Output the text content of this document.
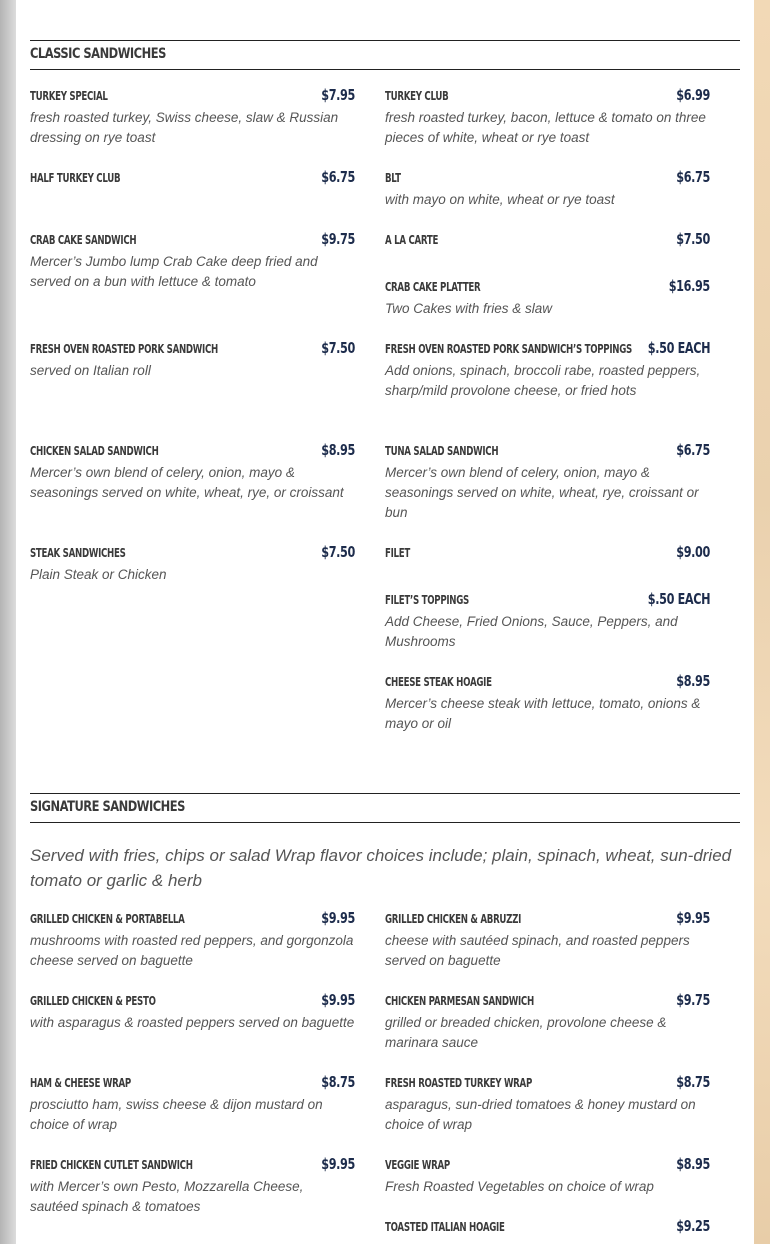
CLASSIC SANDWICHES
TURKEY SPECIAL	$7.95
fresh roasted turkey, Swiss cheese, slaw & Russian dressing on rye toast
HALF TURKEY CLUB	$6.75
CRAB CAKE SANDWICH	$9.75
Mercer’s Jumbo lump Crab Cake deep fried and served on a bun with lettuce & tomato
FRESH OVEN ROASTED PORK SANDWICH	$7.50
served on Italian roll
CHICKEN SALAD SANDWICH	$8.95
Mercer’s own blend of celery, onion, mayo & seasonings served on white, wheat, rye, or croissant
STEAK SANDWICHES	$7.50
Plain Steak or Chicken
TURKEY CLUB	$6.99
fresh roasted turkey, bacon, lettuce & tomato on three pieces of white, wheat or rye toast
BLT	$6.75
with mayo on white, wheat or rye toast
A LA CARTE	$7.50
CRAB CAKE PLATTER	$16.95
Two Cakes with fries & slaw
FRESH OVEN ROASTED PORK SANDWICH’S TOPPINGS $.50 EACH
Add onions, spinach, broccoli rabe, roasted peppers, sharp/mild provolone cheese, or fried hots
TUNA SALAD SANDWICH	$6.75
Mercer’s own blend of celery, onion, mayo & seasonings served on white, wheat, rye, croissant or bun
FILET	$9.00
FILET’S TOPPINGS	$.50 EACH
Add Cheese, Fried Onions, Sauce, Peppers, and Mushrooms
CHEESE STEAK HOAGIE	$8.95
Mercer’s cheese steak with lettuce, tomato, onions & mayo or oil
SIGNATURE SANDWICHES
Served with fries, chips or salad Wrap flavor choices include; plain, spinach, wheat, sun-dried tomato or garlic & herb
GRILLED CHICKEN & PORTABELLA	$9.95
mushrooms with roasted red peppers, and gorgonzola cheese served on baguette
GRILLED CHICKEN & PESTO	$9.95
with asparagus & roasted peppers served on baguette
HAM & CHEESE WRAP	$8.75
prosciutto ham, swiss cheese & dijon mustard on choice of wrap
FRIED CHICKEN CUTLET SANDWICH	$9.95
with Mercer’s own Pesto, Mozzarella Cheese, sautéed spinach & tomatoes
GRILLED CHICKEN & ABRUZZI	$9.95
cheese with sautéed spinach, and roasted peppers served on baguette
CHICKEN PARMESAN SANDWICH	$9.75
grilled or breaded chicken, provolone cheese & marinara sauce
FRESH ROASTED TURKEY WRAP	$8.75
asparagus, sun-dried tomatoes & honey mustard on choice of wrap
VEGGIE WRAP	$8.95
Fresh Roasted Vegetables on choice of wrap
TOASTED ITALIAN HOAGIE	$9.25
